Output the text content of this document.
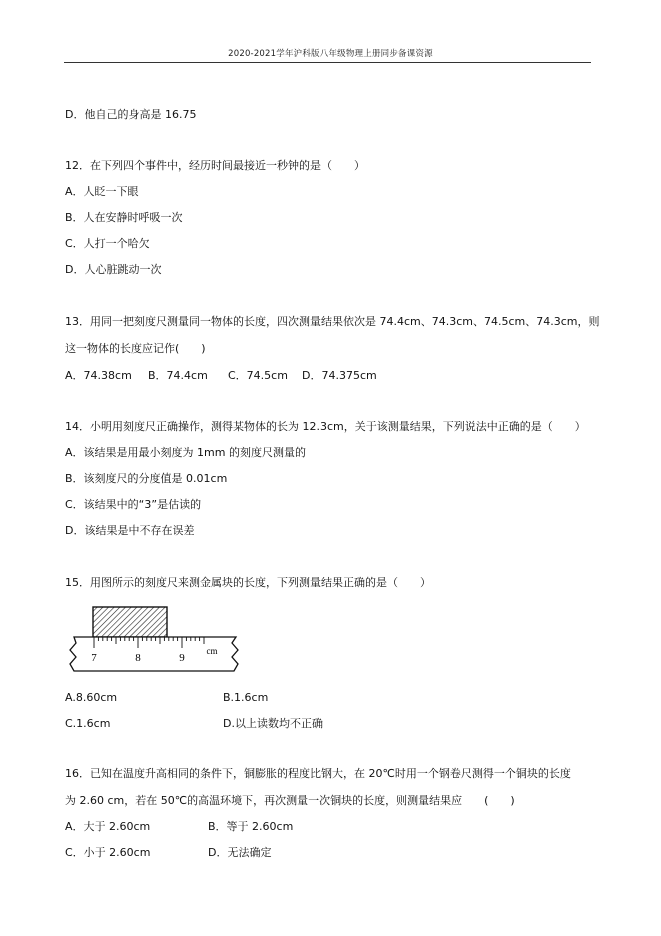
2020-2021学年沪科版八年级物理上册同步备课资源
D．他自己的身高是 16.75
12．在下列四个事件中，经历时间最接近一秒钟的是（　　）
A．人眨一下眼
B．人在安静时呼吸一次
C．人打一个哈欠
D．人心脏跳动一次
13．用同一把刻度尺测量同一物体的长度，四次测量结果依次是 74.4cm、74.3cm、74.5cm、74.3cm，则
这一物体的长度应记作(　　)
A．74.38cm B．74.4cm C．74.5cm D．74.375cm
14．小明用刻度尺正确操作，测得某物体的长为 12.3cm，关于该测量结果，下列说法中正确的是（　　）
A．该结果是用最小刻度为 1mm 的刻度尺测量的
B．该刻度尺的分度值是 0.01cm
C．该结果中的“3”是估读的
D．该结果是中不存在误差
15．用图所示的刻度尺来测金属块的长度，下列测量结果正确的是（　　）
7	8	9
cm
A.8.60cm	B.1.6cm
C.1.6cm	D.以上读数均不正确
16．已知在温度升高相同的条件下，铜膨胀的程度比钢大，在 20℃时用一个钢卷尺测得一个铜块的长度
为 2.60 cm，若在 50℃的高温环境下，再次测量一次铜块的长度，则测量结果应　　(　　)
A．大于 2.60cm	B．等于 2.60cm
C．小于 2.60cm	D．无法确定
